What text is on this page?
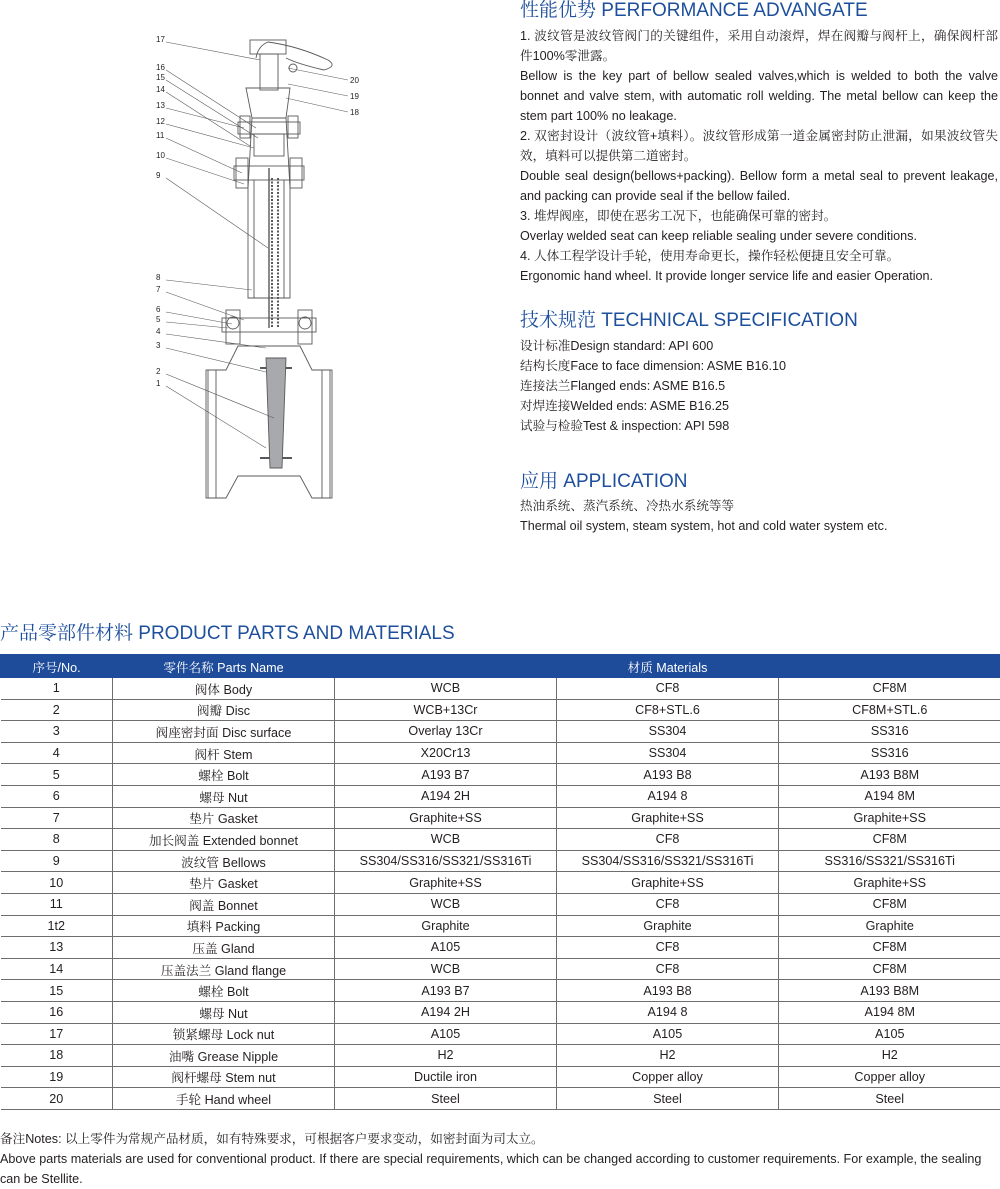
17
16
15
14
13
12
11
10
9
8
7
6
5
4
3
2
1
20
19
18
性能优势 PERFORMANCE ADVANGATE
1. 波纹管是波纹管阀门的关键组件，采用自动滚焊，焊在阀瓣与阀杆上，确保阀杆部件100%零泄露。
Bellow is the key part of bellow sealed valves,which is welded to both the valve bonnet and valve stem, with automatic roll welding. The metal bellow can keep the stem part 100% no leakage.
2. 双密封设计（波纹管+填料）。波纹管形成第一道金属密封防止泄漏，如果波纹管失效，填料可以提供第二道密封。
Double seal design(bellows+packing). Bellow form a metal seal to prevent leakage, and packing can provide seal if the bellow failed.
3. 堆焊阀座，即使在恶劣工况下，也能确保可靠的密封。
Overlay welded seat can keep reliable sealing under severe conditions.
4. 人体工程学设计手轮，使用寿命更长，操作轻松便捷且安全可靠。
Ergonomic hand wheel. It provide longer service life and easier Operation.
技术规范 TECHNICAL SPECIFICATION
设计标准Design standard: API 600
结构长度Face to face dimension: ASME B16.10
连接法兰Flanged ends: ASME B16.5
对焊连接Welded ends: ASME B16.25
试验与检验Test & inspection: API 598
应用 APPLICATION
热油系统、蒸汽系统、冷热水系统等等
Thermal oil system, steam system, hot and cold water system etc.
产品零部件材料 PRODUCT PARTS AND MATERIALS
序号/No.	零件名称 Parts Name	材质 Materials		
1	阀体 Body	WCB	CF8	CF8M
2	阀瓣 Disc	WCB+13Cr	CF8+STL.6	CF8M+STL.6
3	阀座密封面 Disc surface	Overlay 13Cr	SS304	SS316
4	阀杆 Stem	X20Cr13	SS304	SS316
5	螺栓 Bolt	A193 B7	A193 B8	A193 B8M
6	螺母 Nut	A194 2H	A194 8	A194 8M
7	垫片 Gasket	Graphite+SS	Graphite+SS	Graphite+SS
8	加长阀盖 Extended bonnet	WCB	CF8	CF8M
9	波纹管 Bellows	SS304/SS316/SS321/SS316Ti	SS304/SS316/SS321/SS316Ti	SS316/SS321/SS316Ti
10	垫片 Gasket	Graphite+SS	Graphite+SS	Graphite+SS
11	阀盖 Bonnet	WCB	CF8	CF8M
1t2	填料 Packing	Graphite	Graphite	Graphite
13	压盖 Gland	A105	CF8	CF8M
14	压盖法兰 Gland flange	WCB	CF8	CF8M
15	螺栓 Bolt	A193 B7	A193 B8	A193 B8M
16	螺母 Nut	A194 2H	A194 8	A194 8M
17	锁紧螺母 Lock nut	A105	A105	A105
18	油嘴 Grease Nipple	H2	H2	H2
19	阀杆螺母 Stem nut	Ductile iron	Copper alloy	Copper alloy
20	手轮 Hand wheel	Steel	Steel	Steel
备注Notes: 以上零件为常规产品材质，如有特殊要求，可根据客户要求变动，如密封面为司太立。
Above parts materials are used for conventional product. If there are special requirements, which can be changed according to customer requirements. For example, the sealing can be Stellite.
